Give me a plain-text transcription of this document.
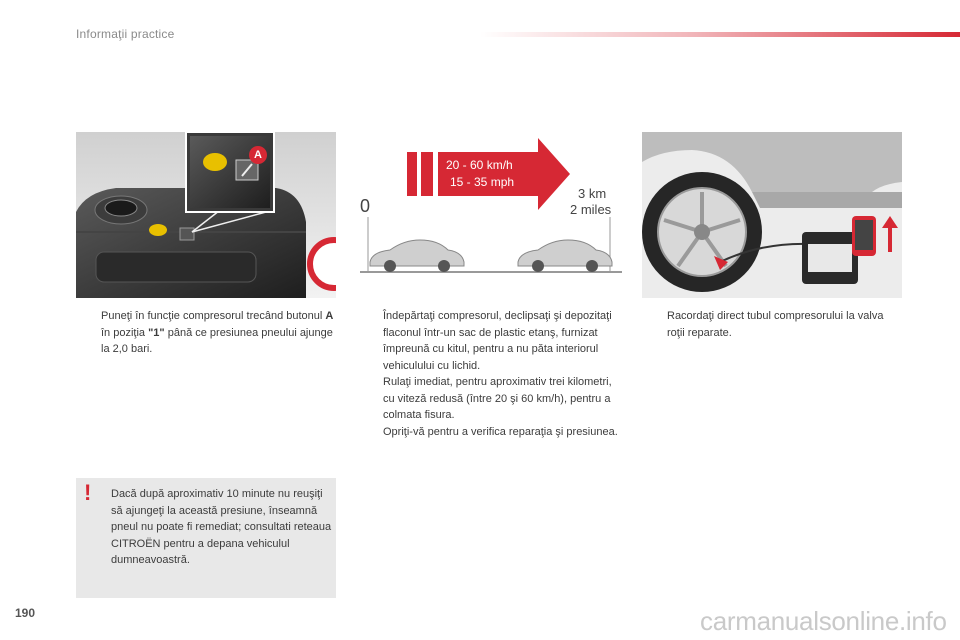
Informaţii practice
A
20 - 60 km/h
15 - 35 mph
0
3 km
2 miles
Puneţi în funcţie compresorul trecând butonul A în poziţia "1" până ce presiunea pneului ajunge la 2,0 bari.
Îndepărtaţi compresorul, declipsaţi şi depozitaţi flaconul într-un sac de plastic etanş, furnizat împreună cu kitul, pentru a nu păta interiorul vehiculului cu lichid.
Rulaţi imediat, pentru aproximativ trei kilometri, cu viteză redusă (între 20 şi 60 km/h), pentru a colmata fisura.
Opriţi-vă pentru a verifica reparaţia şi presiunea.
Racordaţi direct tubul compresorului la valva roţii reparate.
! Dacă după aproximativ 10 minute nu reuşiţi să ajungeţi la această presiune, înseamnă pneul nu poate fi remediat; consultati reteaua CITROËN pentru a depana vehiculul dumneavoastră.
190	carmanualsonline.info
